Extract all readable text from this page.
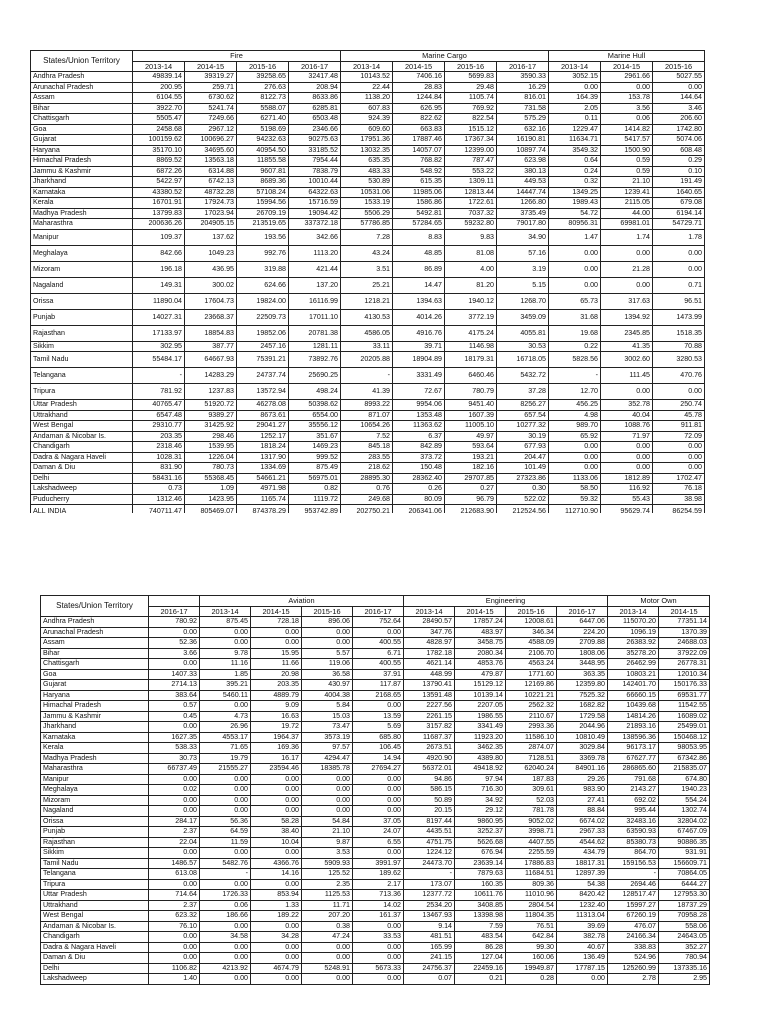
States/Union Territory	Fire				Marine Cargo				Marine Hull		
	2013-14	2014-15	2015-16	2016-17	2013-14	2014-15	2015-16	2016-17	2013-14	2014-15	2015-16
Andhra Pradesh	49839.14	39319.27	39258.65	32417.48	10143.52	7406.16	5699.83	3590.33	3052.15	2961.66	5027.55
Arunachal Pradesh	200.95	259.71	276.63	208.94	22.44	28.83	29.48	16.29	0.00	0.00	0.00
Assam	6104.55	6730.62	8122.73	8633.86	1138.20	1244.84	1105.74	816.01	164.39	153.78	144.64
Bihar	3922.70	5241.74	5588.07	6285.81	607.83	626.95	769.92	731.58	2.05	3.56	3.46
Chattisgarh	5505.47	7249.66	6271.40	6503.48	924.39	822.62	822.54	575.29	0.11	0.06	206.60
Goa	2458.68	2967.12	5198.69	2346.66	609.60	663.83	1515.12	632.16	1229.47	1414.82	1742.80
Gujarat	100159.62	100696.27	94232.63	90275.63	17951.36	17887.46	17367.34	16190.81	11634.71	5417.57	5074.06
Haryana	35170.10	34695.60	40954.50	33185.52	13032.35	14057.07	12399.00	10897.74	3549.32	1500.90	608.48
Himachal Pradesh	8869.52	13563.18	11855.58	7954.44	635.35	768.82	787.47	623.98	0.64	0.59	0.29
Jammu & Kashmir	6872.26	6314.88	9607.81	7838.79	483.33	548.92	553.22	380.13	0.24	0.59	0.10
Jharkhand	5422.97	6742.13	8689.36	10010.44	530.89	615.35	1309.11	449.53	0.32	21.10	191.49
Karnataka	43380.52	48732.28	57108.24	64322.63	10531.06	11985.06	12813.44	14447.74	1349.25	1239.41	1640.65
Kerala	16701.91	17924.73	15994.56	15716.59	1533.19	1586.86	1722.61	1266.80	1989.43	2115.05	679.08
Madhya Pradesh	13799.83	17023.94	26709.19	19094.42	5506.29	5492.81	7037.32	3735.49	54.72	44.00	6194.14
Maharasthra	200636.26	204905.15	213519.65	337372.18	57786.85	57284.65	59232.80	79017.80	80956.31	69981.01	54729.71
Manipur	109.37	137.62	193.56	342.66	7.28	8.83	9.83	34.90	1.47	1.74	1.78
Meghalaya	842.66	1049.23	992.76	1113.20	43.24	48.85	81.08	57.16	0.00	0.00	0.00
Mizoram	196.18	436.95	319.88	421.44	3.51	86.89	4.00	3.19	0.00	21.28	0.00
Nagaland	149.31	300.02	624.66	137.20	25.21	14.47	81.20	5.15	0.00	0.00	0.71
Orissa	11890.04	17604.73	19824.00	16116.99	1218.21	1394.63	1940.12	1268.70	65.73	317.63	96.51
Punjab	14027.31	23668.37	22509.73	17011.10	4130.53	4014.26	3772.19	3459.09	31.68	1394.92	1473.99
Rajasthan	17133.97	18854.83	19852.06	20781.38	4586.05	4916.76	4175.24	4055.81	19.68	2345.85	1518.35
Sikkim	302.95	387.77	2457.16	1281.11	33.11	39.71	1146.98	30.53	0.22	41.35	70.88
Tamil Nadu	55484.17	64667.93	75391.21	73892.76	20205.88	18904.89	18179.31	16718.05	5828.56	3002.60	3280.53
Telangana	-	14283.29	24737.74	25690.25	-	3331.49	6460.46	5432.72	-	111.45	470.76
Tripura	781.92	1237.83	13572.94	498.24	41.39	72.67	780.79	37.28	12.70	0.00	0.00
Uttar Pradesh	40765.47	51920.72	46278.08	50398.62	8993.22	9954.06	9451.40	8256.27	456.25	352.78	250.74
Uttrakhand	6547.48	9389.27	8673.61	6554.00	871.07	1353.48	1607.39	657.54	4.98	40.04	45.78
West Bengal	29310.77	31425.92	29041.27	35556.12	10654.26	11363.62	11005.10	10277.32	989.70	1088.76	911.81
Andaman & Nicobar Is.	203.35	298.46	1252.17	351.67	7.52	6.37	49.97	30.19	65.92	71.97	72.09
Chandigarh	2318.46	1539.95	1818.24	1469.23	845.18	842.89	593.64	677.93	0.00	0.00	0.00
Dadra & Nagara Haveli	1028.31	1226.04	1317.90	999.52	283.55	373.72	193.21	204.47	0.00	0.00	0.00
Daman & Diu	831.90	780.73	1334.69	875.49	218.62	150.48	182.16	101.49	0.00	0.00	0.00
Delhi	58431.16	55368.45	54661.21	56975.01	28895.30	28362.40	29707.85	27323.86	1133.06	1812.89	1702.47
Lakshadweep	0.73	1.09	4971.98	0.82	0.76	0.26	0.27	0.30	58.50	116.92	76.18
Puducherry	1312.46	1423.95	1165.74	1119.72	249.68	80.09	96.79	522.02	59.32	55.43	38.98
ALL INDIA	740711.47	805469.07	874378.29	953742.89	202750.21	206341.06	212683.90	212524.56	112710.90	95629.74	86254.59
States/Union Territory		Aviation				Engineering				Motor Own	
	2016-17	2013-14	2014-15	2015-16	2016-17	2013-14	2014-15	2015-16	2016-17	2013-14	2014-15
Andhra Pradesh	780.92	875.45	728.18	896.06	752.64	28490.57	17857.24	12008.61	6447.06	115070.20	77351.14
Arunachal Pradesh	0.00	0.00	0.00	0.00	0.00	347.76	483.97	346.34	224.20	1096.19	1370.39
Assam	52.36	0.00	0.00	0.00	400.55	4828.97	3458.75	4588.09	2709.88	26383.92	24688.03
Bihar	3.66	9.78	15.95	5.57	6.71	1782.18	2080.34	2106.70	1808.06	35278.20	37922.09
Chattisgarh	0.00	11.16	11.66	119.06	400.55	4621.14	4853.76	4563.24	3448.95	26462.99	26778.31
Goa	1407.33	1.85	20.98	36.58	37.91	448.99	479.87	1771.60	363.35	10803.21	12010.34
Gujarat	2714.13	395.21	203.35	430.97	117.87	13790.41	15129.12	12169.86	12359.80	142401.70	150176.33
Haryana	383.64	5460.11	4889.79	4004.38	2168.65	13591.48	10139.14	10221.21	7525.32	66660.15	69531.77
Himachal Pradesh	0.57	0.00	9.09	5.84	0.00	2227.56	2207.05	2562.32	1682.82	10439.68	11542.55
Jammu & Kashmir	0.45	4.73	16.63	15.03	13.59	2261.15	1986.55	2110.67	1729.58	14814.26	16089.02
Jharkhand	0.00	26.96	19.72	73.47	5.69	3157.82	3341.49	2993.36	2044.96	21893.16	25499.01
Karnataka	1627.35	4553.17	1964.37	3573.19	685.80	11687.37	11923.20	11586.10	10810.49	138596.36	150468.12
Kerala	538.33	71.65	169.36	97.57	106.45	2673.51	3462.35	2874.07	3029.84	96173.17	98053.95
Madhya Pradesh	30.73	19.79	16.17	4294.47	14.94	4920.90	4389.80	7128.51	3369.78	67627.77	67342.86
Maharasthra	66737.49	21555.27	23594.46	18385.78	27694.27	56372.01	49418.92	62040.24	84901.16	286865.60	215835.07
Manipur	0.00	0.00	0.00	0.00	0.00	94.86	97.94	187.83	29.26	791.68	674.80
Meghalaya	0.02	0.00	0.00	0.00	0.00	586.15	716.30	309.61	983.90	2143.27	1940.23
Mizoram	0.00	0.00	0.00	0.00	0.00	50.89	34.92	52.03	27.41	692.02	554.24
Nagaland	0.00	0.00	0.00	0.00	0.00	20.15	29.12	781.78	88.84	995.44	1302.74
Orissa	284.17	56.36	58.28	54.84	37.05	8197.44	9860.95	9052.02	6674.02	32483.16	32804.02
Punjab	2.37	64.59	38.40	21.10	24.07	4435.51	3252.37	3998.71	2967.33	63590.93	67467.09
Rajasthan	22.04	11.59	10.04	9.87	6.55	4751.75	5626.68	4407.55	4544.62	85380.73	90886.35
Sikkim	0.00	0.00	0.00	3.53	0.00	1224.12	676.94	2255.59	434.79	864.70	931.91
Tamil Nadu	1486.57	5482.76	4366.76	5909.93	3991.97	24473.70	23639.14	17886.83	18817.31	159156.53	156609.71
Telangana	613.08	-	14.16	125.52	189.62	-	7879.63	11684.51	12897.39	-	70864.05
Tripura	0.00	0.00	0.00	2.35	2.17	173.07	160.35	809.36	54.38	2694.46	6444.27
Uttar Pradesh	714.64	1726.33	853.94	1125.53	713.36	12377.72	10611.76	11010.96	8420.42	128517.47	127953.30
Uttrakhand	2.37	0.06	1.33	11.71	14.02	2534.20	3408.85	2804.54	1232.40	15997.27	18737.29
West Bengal	623.32	186.66	189.22	207.20	161.37	13467.93	13398.98	11804.35	11313.04	67260.19	70958.28
Andaman & Nicobar Is.	76.10	0.00	0.00	0.38	0.00	9.14	7.59	76.51	39.69	476.07	558.06
Chandigarh	0.00	34.58	34.28	47.24	33.53	481.51	483.54	642.84	382.78	24166.34	24643.05
Dadra & Nagara Haveli	0.00	0.00	0.00	0.00	0.00	165.99	86.28	99.30	40.67	338.83	352.27
Daman & Diu	0.00	0.00	0.00	0.00	0.00	241.15	127.04	160.06	136.49	524.96	780.94
Delhi	1106.82	4213.92	4674.79	5248.91	5673.33	24756.37	22459.16	19949.87	17787.15	125260.99	137335.16
Lakshadweep	1.40	0.00	0.00	0.00	0.00	0.07	0.21	0.28	0.00	2.78	2.95
